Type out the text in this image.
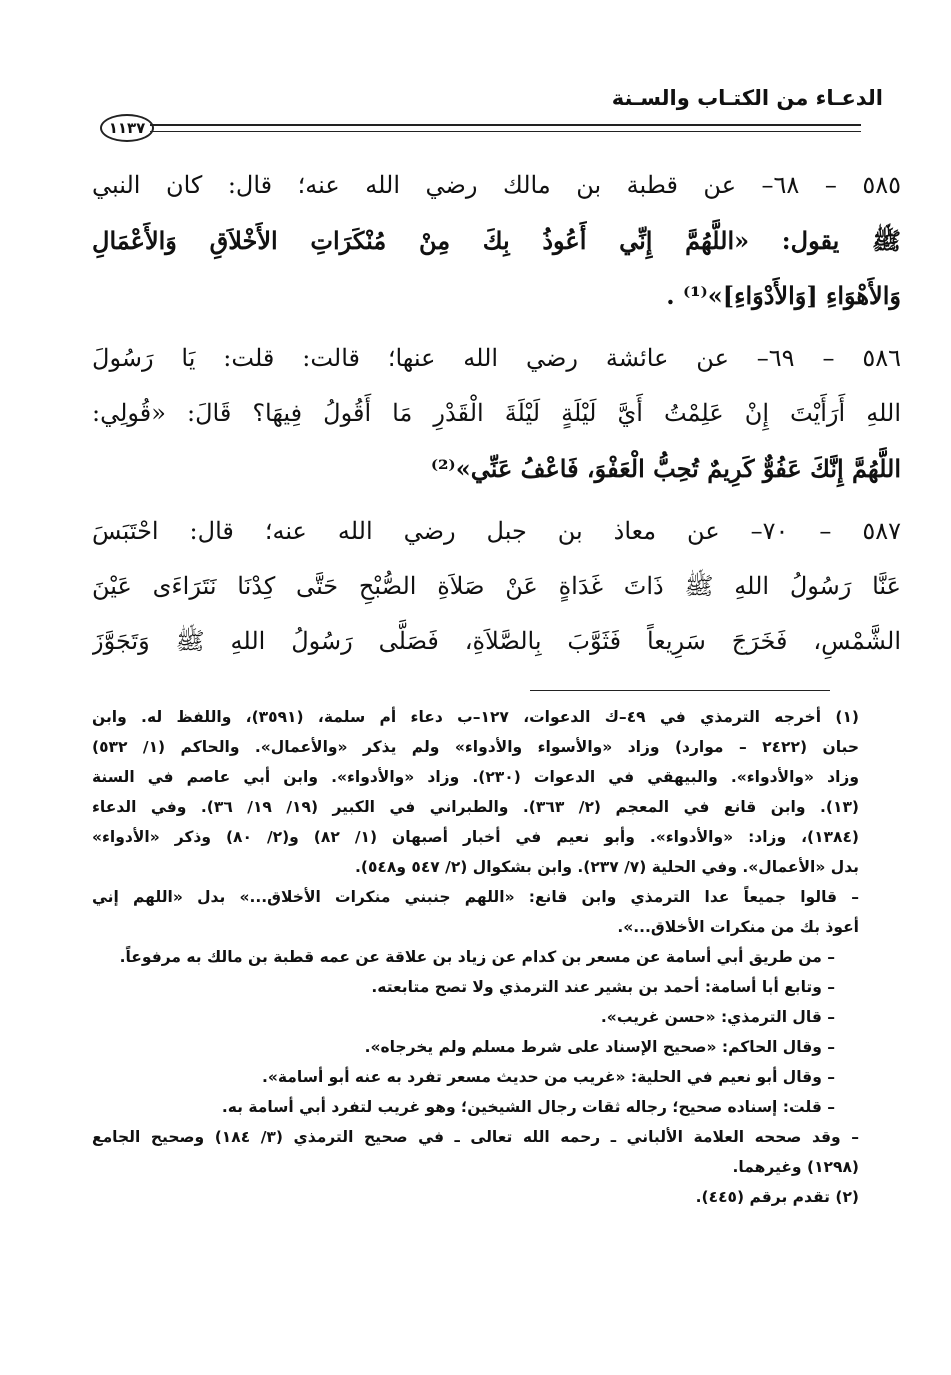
الدعـاء من الكتـاب والسـنة
١١٣٧
٥٨٥ – ٦٨– عن قطبة بن مالك رضي الله عنه؛ قال: كان النبي
ﷺ يقول: «اللَّهُمَّ إِنِّي أَعُوذُ بِكَ مِنْ مُنْكَرَاتِ الأَخْلاَقِ وَالأَعْمَالِ
وَالأَهْوَاءِ [وَالأَدْوَاءِ]»⁽¹⁾ .
٥٨٦ – ٦٩– عن عائشة رضي الله عنها؛ قالت: قلت: يَا رَسُولَ
اللهِ أَرَأَيْتَ إِنْ عَلِمْتُ أَيَّ لَيْلَةٍ لَيْلَةَ الْقَدْرِ مَا أَقُولُ فِيهَا؟ قَالَ: «قُولِي:
اللَّهُمَّ إِنَّكَ عَفُوٌّ كَرِيمٌ تُحِبُّ الْعَفْوَ، فَاعْفُ عَنِّي»⁽²⁾
٥٨٧ – ٧٠– عن معاذ بن جبل رضي الله عنه؛ قال: احْتَبَسَ
عَنَّا رَسُولُ اللهِ ﷺ ذَاتَ غَدَاةٍ عَنْ صَلاَةِ الصُّبْحِ حَتَّى كِدْنَا نَتَرَاءَى عَيْنَ
الشَّمْسِ، فَخَرَجَ سَرِيعاً فَثَوَّبَ بِالصَّلاَةِ، فَصَلَّى رَسُولُ اللهِ ﷺ وَتَجَوَّزَ
(١) أخرجه الترمذي في ٤٩–ك الدعوات، ١٢٧–ب دعاء أم سلمة، (٣٥٩١)، واللفظ له. وابن
حبان (٢٤٢٢ – موارد) وزاد «والأسواء والأدواء» ولم يذكر «والأعمال». والحاكم (١/ ٥٣٢)
وزاد «والأدواء». والبيهقي في الدعوات (٢٣٠). وزاد «والأدواء». وابن أبي عاصم في السنة
(١٣). وابن قانع في المعجم (٢/ ٣٦٣). والطبراني في الكبير (١٩/ ١٩/ ٣٦). وفي الدعاء
(١٣٨٤)، وزاد: «والأدواء». وأبو نعيم في أخبار أصبهان (١/ ٨٢) و(٢/ ٨٠) وذكر «الأدواء»
بدل «الأعمال». وفي الحلية (٧/ ٢٣٧). وابن بشكوال (٢/ ٥٤٧ و٥٤٨).
– قالوا جميعاً عدا الترمذي وابن قانع: «اللهم جنبني منكرات الأخلاق...» بدل «اللهم إني
أعوذ بك من منكرات الأخلاق...».
– من طريق أبي أسامة عن مسعر بن كدام عن زياد بن علاقة عن عمه قطبة بن مالك به مرفوعاً.
– وتابع أبا أسامة: أحمد بن بشير عند الترمذي ولا تصح متابعته.
– قال الترمذي: «حسن غريب».
– وقال الحاكم: «صحيح الإسناد على شرط مسلم ولم يخرجاه».
– وقال أبو نعيم في الحلية: «غريب من حديث مسعر تفرد به عنه أبو أسامة».
– قلت: إسناده صحيح؛ رجاله ثقات رجال الشيخين؛ وهو غريب لتفرد أبي أسامة به.
– وقد صححه العلامة الألباني ـ رحمه الله تعالى ـ في صحيح الترمذي (٣/ ١٨٤) وصحيح الجامع
(١٢٩٨) وغيرهما.
(٢) تقدم برقم (٤٤٥).
